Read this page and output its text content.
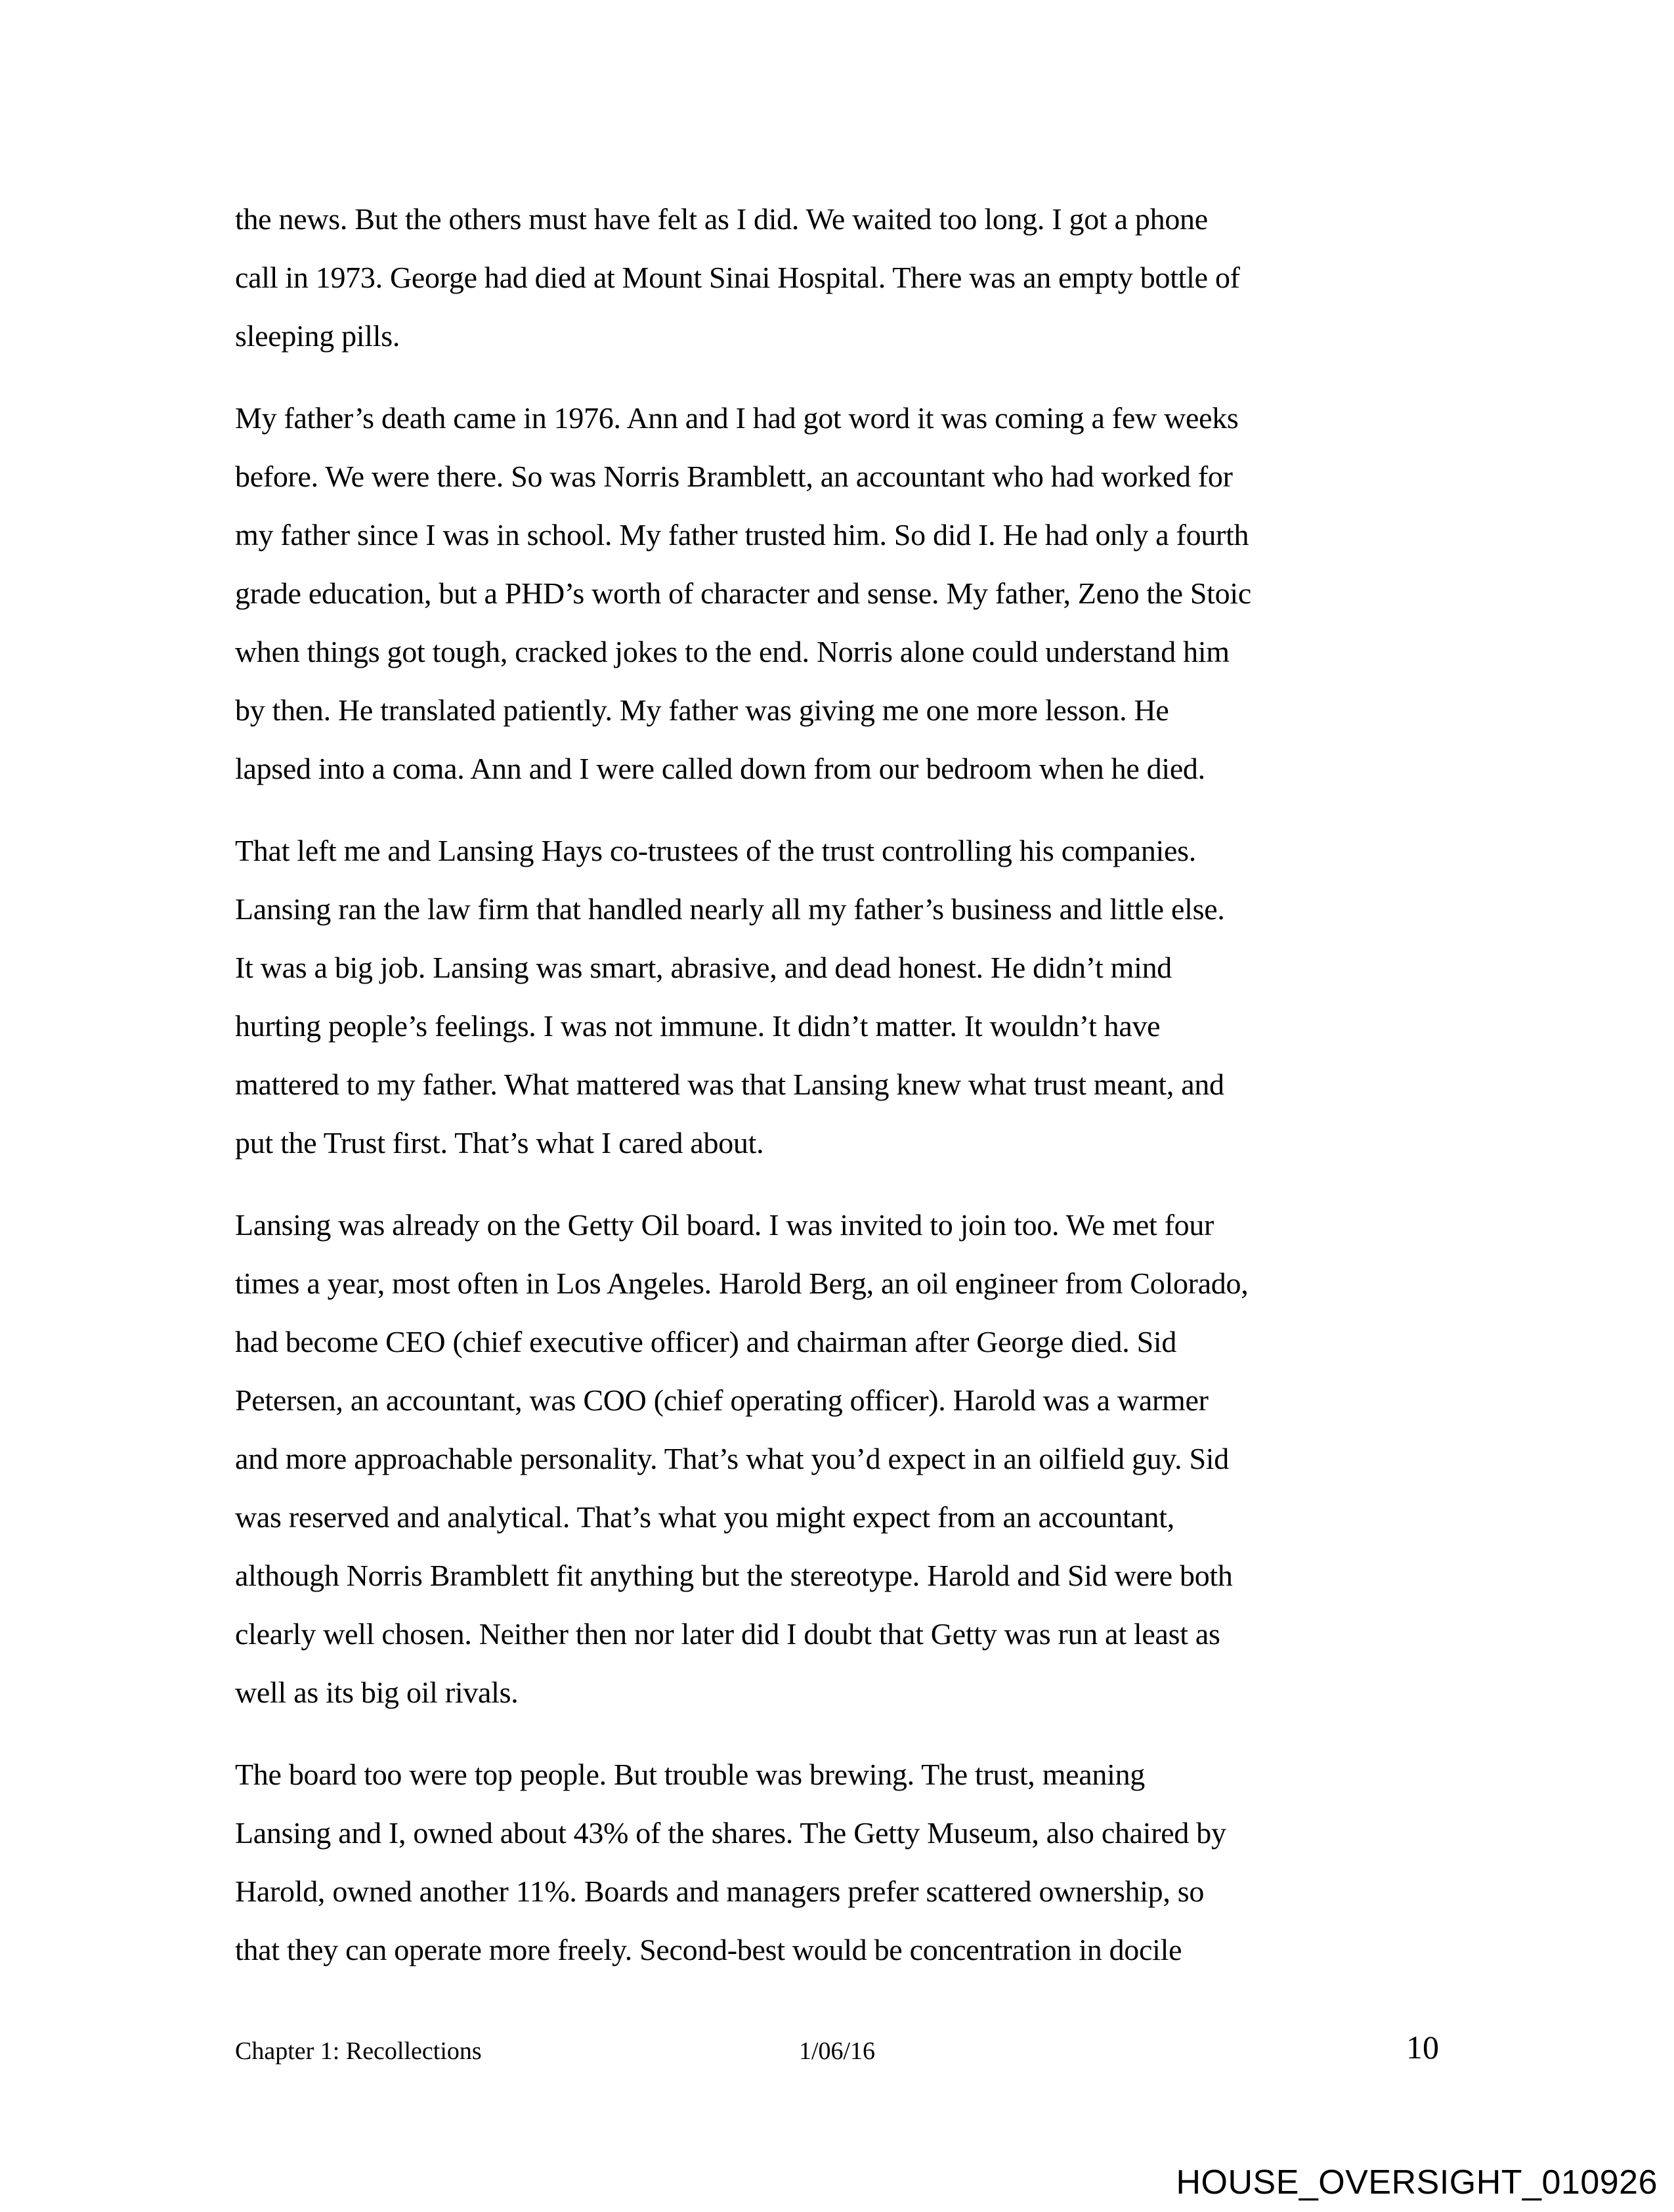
the news. But the others must have felt as I did. We waited too long. I got a phone
call in 1973. George had died at Mount Sinai Hospital. There was an empty bottle of
sleeping pills.

My father’s death came in 1976. Ann and I had got word it was coming a few weeks
before. We were there. So was Norris Bramblett, an accountant who had worked for
my father since I was in school. My father trusted him. So did I. He had only a fourth
grade education, but a PHD’s worth of character and sense. My father, Zeno the Stoic
when things got tough, cracked jokes to the end. Norris alone could understand him
by then. He translated patiently. My father was giving me one more lesson. He
lapsed into a coma. Ann and I were called down from our bedroom when he died.

That left me and Lansing Hays co-trustees of the trust controlling his companies.
Lansing ran the law firm that handled nearly all my father’s business and little else.
It was a big job. Lansing was smart, abrasive, and dead honest. He didn’t mind
hurting people’s feelings. I was not immune. It didn’t matter. It wouldn’t have
mattered to my father. What mattered was that Lansing knew what trust meant, and
put the Trust first. That’s what I cared about.

Lansing was already on the Getty Oil board. I was invited to join too. We met four
times a year, most often in Los Angeles. Harold Berg, an oil engineer from Colorado,
had become CEO (chief executive officer) and chairman after George died. Sid
Petersen, an accountant, was COO (chief operating officer). Harold was a warmer
and more approachable personality. That’s what you’d expect in an oilfield guy. Sid
was reserved and analytical. That’s what you might expect from an accountant,
although Norris Bramblett fit anything but the stereotype. Harold and Sid were both
clearly well chosen. Neither then nor later did I doubt that Getty was run at least as
well as its big oil rivals.

The board too were top people. But trouble was brewing. The trust, meaning
Lansing and I, owned about 43% of the shares. The Getty Museum, also chaired by
Harold, owned another 11%. Boards and managers prefer scattered ownership, so
that they can operate more freely. Second-best would be concentration in docile

Chapter 1: Recollections	1/06/16	10
HOUSE_OVERSIGHT_010926
